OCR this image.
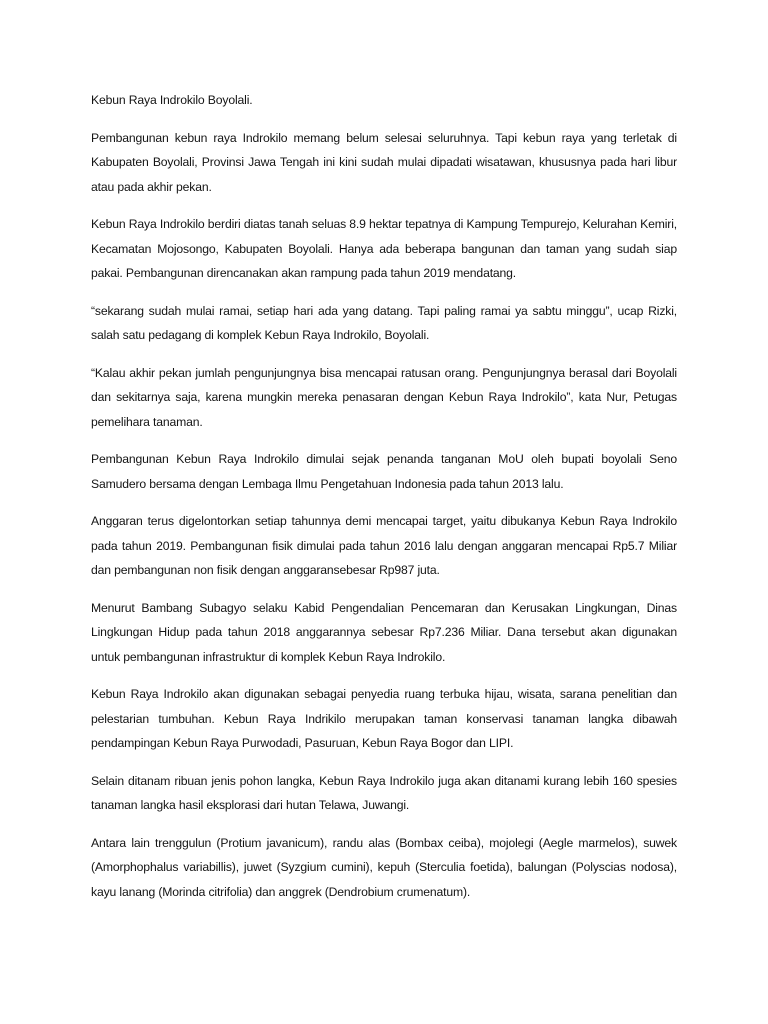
Kebun Raya Indrokilo Boyolali.

Pembangunan kebun raya Indrokilo memang belum selesai seluruhnya. Tapi kebun raya yang terletak di Kabupaten Boyolali, Provinsi Jawa Tengah ini kini sudah mulai dipadati wisatawan, khususnya pada hari libur atau pada akhir pekan.

Kebun Raya Indrokilo berdiri diatas tanah seluas 8.9 hektar tepatnya di Kampung Tempurejo, Kelurahan Kemiri, Kecamatan Mojosongo, Kabupaten Boyolali. Hanya ada beberapa bangunan dan taman yang sudah siap pakai. Pembangunan direncanakan akan rampung pada tahun 2019 mendatang.

“sekarang sudah mulai ramai, setiap hari ada yang datang. Tapi paling ramai ya sabtu minggu”, ucap Rizki, salah satu pedagang di komplek Kebun Raya Indrokilo, Boyolali.

“Kalau akhir pekan jumlah pengunjungnya bisa mencapai ratusan orang. Pengunjungnya berasal dari Boyolali dan sekitarnya saja, karena mungkin mereka penasaran dengan Kebun Raya Indrokilo”, kata Nur, Petugas pemelihara tanaman.

Pembangunan Kebun Raya Indrokilo dimulai sejak penanda tanganan MoU oleh bupati boyolali Seno Samudero bersama dengan Lembaga Ilmu Pengetahuan Indonesia pada tahun 2013 lalu.

Anggaran terus digelontorkan setiap tahunnya demi mencapai target, yaitu dibukanya Kebun Raya Indrokilo pada tahun 2019. Pembangunan fisik dimulai pada tahun 2016 lalu dengan anggaran mencapai Rp5.7 Miliar dan pembangunan non fisik dengan anggaransebesar Rp987 juta.

Menurut Bambang Subagyo selaku Kabid Pengendalian Pencemaran dan Kerusakan Lingkungan, Dinas Lingkungan Hidup pada tahun 2018 anggarannya sebesar Rp7.236 Miliar. Dana tersebut akan digunakan untuk pembangunan infrastruktur di komplek Kebun Raya Indrokilo.

Kebun Raya Indrokilo akan digunakan sebagai penyedia ruang terbuka hijau, wisata, sarana penelitian dan pelestarian tumbuhan. Kebun Raya Indrikilo merupakan taman konservasi tanaman langka dibawah pendampingan Kebun Raya Purwodadi, Pasuruan, Kebun Raya Bogor dan LIPI.

Selain ditanam ribuan jenis pohon langka, Kebun Raya Indrokilo juga akan ditanami kurang lebih 160 spesies tanaman langka hasil eksplorasi dari hutan Telawa, Juwangi.

Antara lain trenggulun (Protium javanicum), randu alas (Bombax ceiba), mojolegi (Aegle marmelos), suwek (Amorphophalus variabillis), juwet (Syzgium cumini), kepuh (Sterculia foetida), balungan (Polyscias nodosa), kayu lanang (Morinda citrifolia) dan anggrek (Dendrobium crumenatum).
